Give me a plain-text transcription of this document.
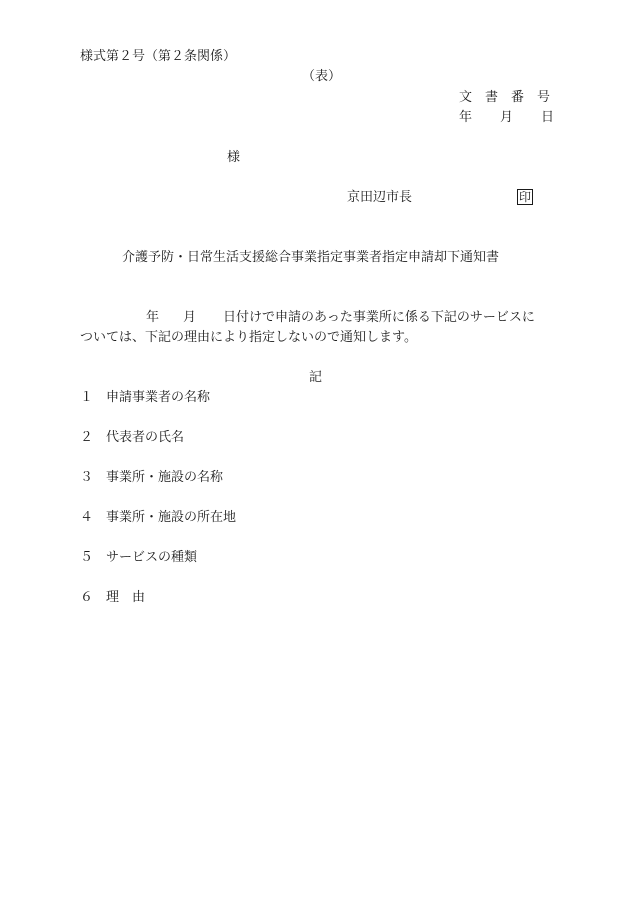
様式第２号（第２条関係）
（表）
文 書 番 号
年 月 日
様
京田辺市長	印
介護予防・日常生活支援総合事業指定事業者指定申請却下通知書
年 月 日付けで申請のあった事業所に係る下記のサービスに
ついては、下記の理由により指定しないので通知します。
記
１ 申請事業者の名称
２ 代表者の氏名
３ 事業所・施設の名称
４ 事業所・施設の所在地
５ サービスの種類
６ 理　由
